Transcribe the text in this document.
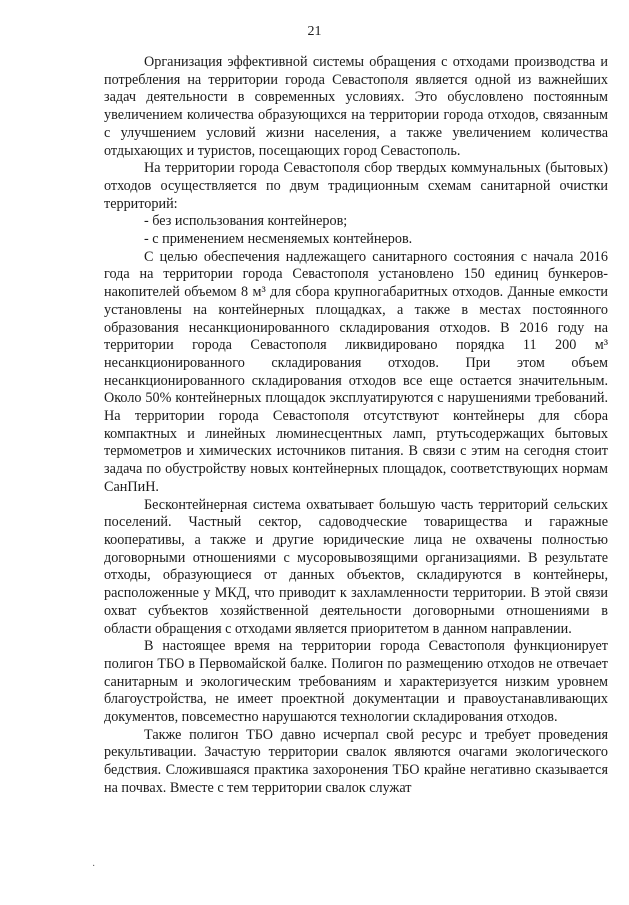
21

Организация эффективной системы обращения с отходами производства и потребления на территории города Севастополя является одной из важнейших задач деятельности в современных условиях. Это обусловлено постоянным увеличением количества образующихся на территории города отходов, связанным с улучшением условий жизни населения, а также увеличением количества отдыхающих и туристов, посещающих город Севастополь.

На территории города Севастополя сбор твердых коммунальных (бытовых) отходов осуществляется по двум традиционным схемам санитарной очистки территорий:

- без использования контейнеров;

- с применением несменяемых контейнеров.

С целью обеспечения надлежащего санитарного состояния с начала 2016 года на территории города Севастополя установлено 150 единиц бункеров-накопителей объемом 8 м³ для сбора крупногабаритных отходов. Данные емкости установлены на контейнерных площадках, а также в местах постоянного образования несанкционированного складирования отходов. В 2016 году на территории города Севастополя ликвидировано порядка 11 200 м³ несанкционированного складирования отходов. При этом объем несанкционированного складирования отходов все еще остается значительным. Около 50% контейнерных площадок эксплуатируются с нарушениями требований. На территории города Севастополя отсутствуют контейнеры для сбора компактных и линейных люминесцентных ламп, ртутьсодержащих бытовых термометров и химических источников питания. В связи с этим на сегодня стоит задача по обустройству новых контейнерных площадок, соответствующих нормам СанПиН.

Бесконтейнерная система охватывает большую часть территорий сельских поселений. Частный сектор, садоводческие товарищества и гаражные кооперативы, а также и другие юридические лица не охвачены полностью договорными отношениями с мусоровывозящими организациями. В результате отходы, образующиеся от данных объектов, складируются в контейнеры, расположенные у МКД, что приводит к захламленности территории. В этой связи охват субъектов хозяйственной деятельности договорными отношениями в области обращения с отходами является приоритетом в данном направлении.

В настоящее время на территории города Севастополя функционирует полигон ТБО в Первомайской балке. Полигон по размещению отходов не отвечает санитарным и экологическим требованиям и характеризуется низким уровнем благоустройства, не имеет проектной документации и правоустанавливающих документов, повсеместно нарушаются технологии складирования отходов.

Также полигон ТБО давно исчерпал свой ресурс и требует проведения рекультивации. Зачастую территории свалок являются очагами экологического бедствия. Сложившаяся практика захоронения ТБО крайне негативно сказывается на почвах. Вместе с тем территории свалок служат

·
